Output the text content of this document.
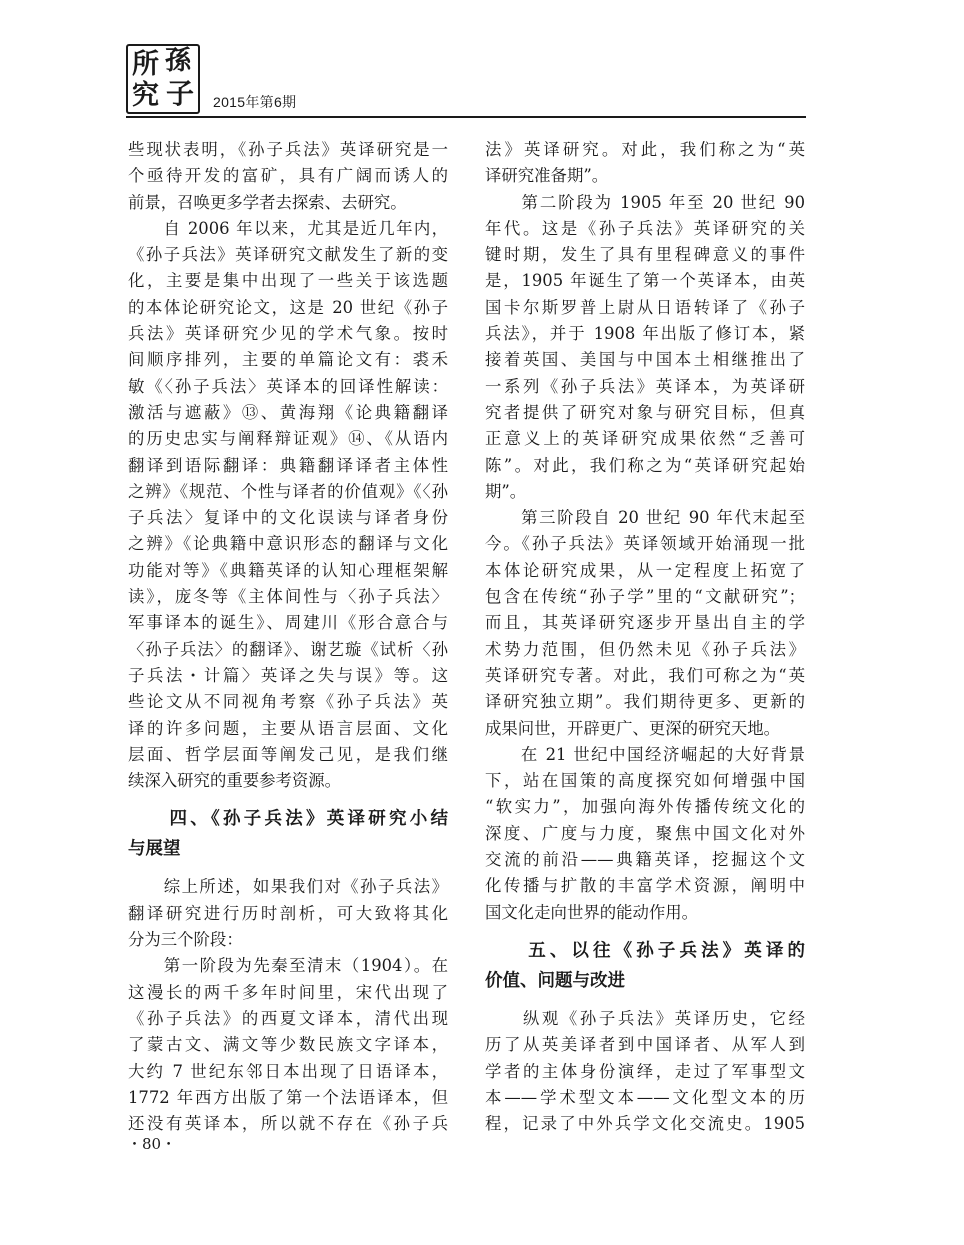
所 孫
究 子 2015年第6期
些现状表明，《孙子兵法》英译研究是一
个亟待开发的富矿，具有广阔而诱人的
前景，召唤更多学者去探索、去研究。
　　自 2006 年以来，尤其是近几年内，
《孙子兵法》英译研究文献发生了新的变
化，主要是集中出现了一些关于该选题
的本体论研究论文，这是 20 世纪《孙子
兵法》英译研究少见的学术气象。按时
间顺序排列，主要的单篇论文有：裘禾
敏《〈孙子兵法〉英译本的回译性解读：
激活与遮蔽》⑬、黄海翔《论典籍翻译
的历史忠实与阐释辩证观》⑭、《从语内
翻译到语际翻译：典籍翻译译者主体性
之辨》《规范、个性与译者的价值观》《〈孙
子兵法〉复译中的文化误读与译者身份
之辨》《论典籍中意识形态的翻译与文化
功能对等》《典籍英译的认知心理框架解
读》，庞冬等《主体间性与〈孙子兵法〉
军事译本的诞生》、周建川《形合意合与
〈孙子兵法〉的翻译》、谢艺璇《试析〈孙
子兵法・计篇〉英译之失与误》等。这
些论文从不同视角考察《孙子兵法》英
译的许多问题，主要从语言层面、文化
层面、哲学层面等阐发己见，是我们继
续深入研究的重要参考资源。
　　四、《孙子兵法》英译研究小结
与展望
　　综上所述，如果我们对《孙子兵法》
翻译研究进行历时剖析，可大致将其化
分为三个阶段：
　　第一阶段为先秦至清末（1904）。在
这漫长的两千多年时间里，宋代出现了
《孙子兵法》的西夏文译本，清代出现
了蒙古文、满文等少数民族文字译本，
大约 7 世纪东邻日本出现了日语译本，
1772 年西方出版了第一个法语译本，但
还没有英译本，所以就不存在《孙子兵
法》英译研究。对此，我们称之为“英
译研究准备期”。
　　第二阶段为 1905 年至 20 世纪 90
年代。这是《孙子兵法》英译研究的关
键时期，发生了具有里程碑意义的事件
是，1905 年诞生了第一个英译本，由英
国卡尔斯罗普上尉从日语转译了《孙子
兵法》，并于 1908 年出版了修订本，紧
接着英国、美国与中国本土相继推出了
一系列《孙子兵法》英译本，为英译研
究者提供了研究对象与研究目标，但真
正意义上的英译研究成果依然“乏善可
陈”。对此，我们称之为“英译研究起始
期”。
　　第三阶段自 20 世纪 90 年代末起至
今。《孙子兵法》英译领域开始涌现一批
本体论研究成果，从一定程度上拓宽了
包含在传统“孙子学”里的“文献研究”；
而且，其英译研究逐步开垦出自主的学
术势力范围，但仍然未见《孙子兵法》
英译研究专著。对此，我们可称之为“英
译研究独立期”。我们期待更多、更新的
成果问世，开辟更广、更深的研究天地。
　　在 21 世纪中国经济崛起的大好背景
下，站在国策的高度探究如何增强中国
“软实力”，加强向海外传播传统文化的
深度、广度与力度，聚焦中国文化对外
交流的前沿——典籍英译，挖掘这个文
化传播与扩散的丰富学术资源，阐明中
国文化走向世界的能动作用。
　　五、以往《孙子兵法》英译的
价值、问题与改进
　　纵观《孙子兵法》英译历史，它经
历了从英美译者到中国译者、从军人到
学者的主体身份演绎，走过了军事型文
本——学术型文本——文化型文本的历
程，记录了中外兵学文化交流史。1905
・80・
